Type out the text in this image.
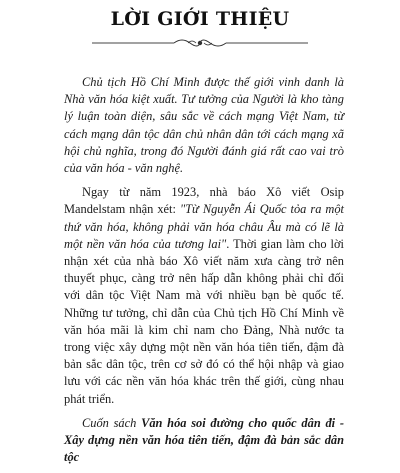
LỜI GIỚI THIỆU

Chủ tịch Hồ Chí Minh được thế giới vinh danh là Nhà văn hóa kiệt xuất. Tư tưởng của Người là kho tàng lý luận toàn diện, sâu sắc về cách mạng Việt Nam, từ cách mạng dân tộc dân chủ nhân dân tới cách mạng xã hội chủ nghĩa, trong đó Người đánh giá rất cao vai trò của văn hóa - văn nghệ.

Ngay từ năm 1923, nhà báo Xô viết Osip Mandelstam nhận xét: "Từ Nguyễn Ái Quốc tỏa ra một thứ văn hóa, không phải văn hóa châu Âu mà có lẽ là một nền văn hóa của tương lai". Thời gian làm cho lời nhận xét của nhà báo Xô viết năm xưa càng trở nên thuyết phục, càng trở nên hấp dẫn không phải chỉ đối với dân tộc Việt Nam mà với nhiều bạn bè quốc tế. Những tư tưởng, chỉ dẫn của Chủ tịch Hồ Chí Minh về văn hóa mãi là kim chỉ nam cho Đảng, Nhà nước ta trong việc xây dựng một nền văn hóa tiên tiến, đậm đà bản sắc dân tộc, trên cơ sở đó có thể hội nhập và giao lưu với các nền văn hóa khác trên thế giới, cùng nhau phát triển.

Cuốn sách Văn hóa soi đường cho quốc dân đi - Xây dựng nền văn hóa tiên tiến, đậm đà bản sắc dân tộc
